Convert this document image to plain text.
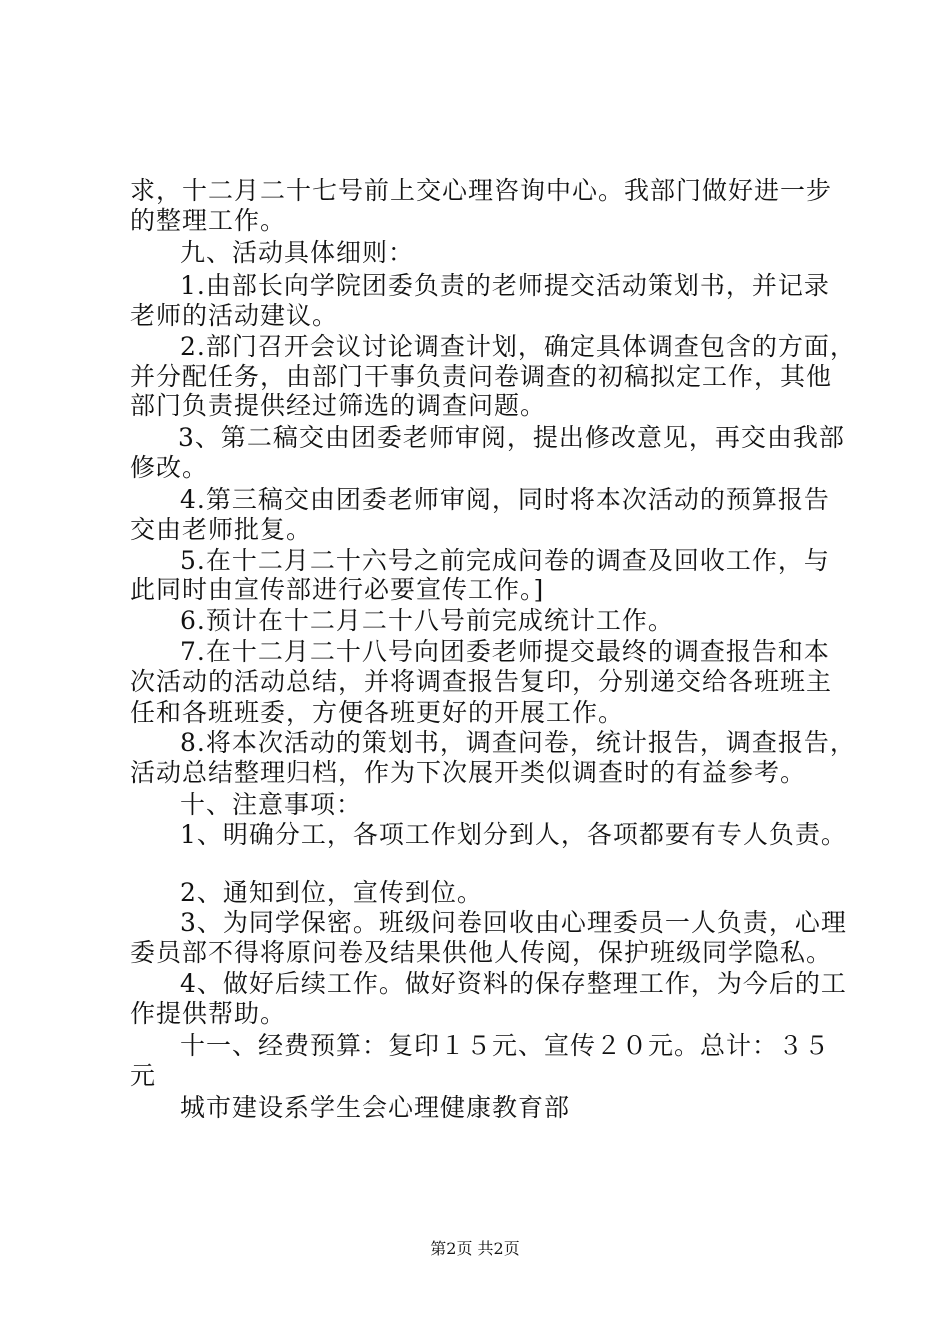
求，十二月二十七号前上交心理咨询中心。我部门做好进一步
的整理工作。
九、活动具体细则：
1.由部长向学院团委负责的老师提交活动策划书，并记录
老师的活动建议。
2.部门召开会议讨论调查计划，确定具体调查包含的方面，
并分配任务，由部门干事负责问卷调查的初稿拟定工作，其他
部门负责提供经过筛选的调查问题。
3、第二稿交由团委老师审阅，提出修改意见，再交由我部
修改。
4.第三稿交由团委老师审阅，同时将本次活动的预算报告
交由老师批复。
5.在十二月二十六号之前完成问卷的调查及回收工作，与
此同时由宣传部进行必要宣传工作。]
6.预计在十二月二十八号前完成统计工作。
7.在十二月二十八号向团委老师提交最终的调查报告和本
次活动的活动总结，并将调查报告复印，分别递交给各班班主
任和各班班委，方便各班更好的开展工作。
8.将本次活动的策划书，调查问卷，统计报告，调查报告，
活动总结整理归档，作为下次展开类似调查时的有益参考。
十、注意事项：
1、明确分工，各项工作划分到人，各项都要有专人负责。
2、通知到位，宣传到位。
3、为同学保密。班级问卷回收由心理委员一人负责，心理
委员部不得将原问卷及结果供他人传阅，保护班级同学隐私。
4、做好后续工作。做好资料的保存整理工作，为今后的工
作提供帮助。
十一、经费预算：复印１５元、宣传２０元。总计：３５
元
城市建设系学生会心理健康教育部
第2页 共2页
